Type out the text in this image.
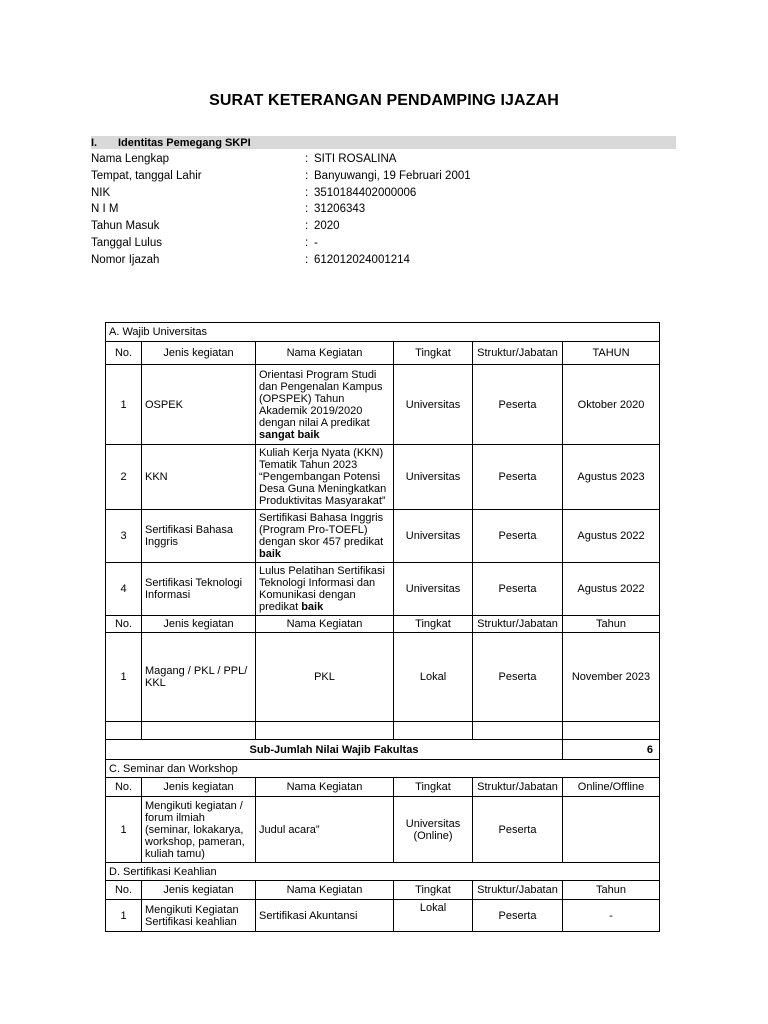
SURAT KETERANGAN PENDAMPING IJAZAH
I. Identitas Pemegang SKPI
Nama Lengkap	: SITI ROSALINA
Tempat, tanggal Lahir	: Banyuwangi, 19 Februari 2001
NIK	: 3510184402000006
N I M	: 31206343
Tahun Masuk	: 2020
Tanggal Lulus	: -
Nomor Ijazah	: 612012024001214
A. Wajib Universitas					
No.	Jenis kegiatan	Nama Kegiatan	Tingkat	Struktur/Jabatan	TAHUN
1	OSPEK	Orientasi Program Studi dan Pengenalan Kampus (OPSPEK) Tahun Akademik 2019/2020 dengan nilai A predikat sangat baik	Universitas	Peserta	Oktober 2020
2	KKN	Kuliah Kerja Nyata (KKN) Tematik Tahun 2023 “Pengembangan Potensi Desa Guna Meningkatkan Produktivitas Masyarakat”	Universitas	Peserta	Agustus 2023
3	Sertifikasi Bahasa Inggris	Sertifikasi Bahasa Inggris (Program Pro-TOEFL) dengan skor 457 predikat baik	Universitas	Peserta	Agustus 2022
4	Sertifikasi Teknologi Informasi	Lulus Pelatihan Sertifikasi Teknologi Informasi dan Komunikasi dengan predikat baik	Universitas	Peserta	Agustus 2022
No.	Jenis kegiatan	Nama Kegiatan	Tingkat	Struktur/Jabatan	Tahun
1	Magang / PKL / PPL/ KKL	PKL	Lokal	Peserta	November 2023

Sub-Jumlah Nilai Wajib Fakultas					6
C. Seminar dan Workshop					
No.	Jenis kegiatan	Nama Kegiatan	Tingkat	Struktur/Jabatan	Online/Offline
1	Mengikuti kegiatan / forum ilmiah (seminar, lokakarya, workshop, pameran, kuliah tamu)	Judul acara”	Universitas (Online)	Peserta	
D. Sertifikasi Keahlian					
No.	Jenis kegiatan	Nama Kegiatan	Tingkat	Struktur/Jabatan	Tahun
1	Mengikuti Kegiatan Sertifikasi keahlian	Sertifikasi Akuntansi	Lokal	Peserta	-
